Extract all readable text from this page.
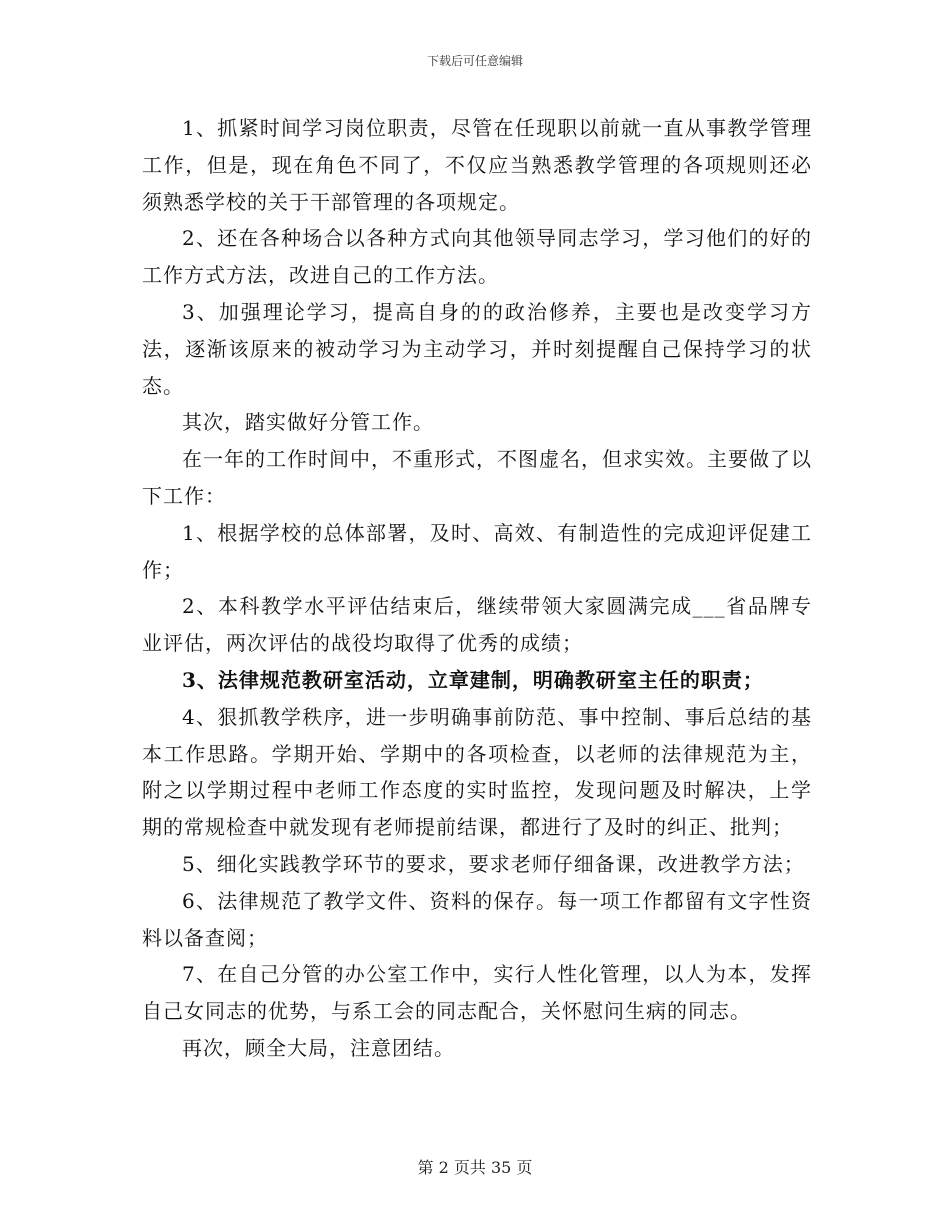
下载后可任意编辑

1、抓紧时间学习岗位职责，尽管在任现职以前就一直从事教学管理工作，但是，现在角色不同了，不仅应当熟悉教学管理的各项规则还必须熟悉学校的关于干部管理的各项规定。

2、还在各种场合以各种方式向其他领导同志学习，学习他们的好的工作方式方法，改进自己的工作方法。

3、加强理论学习，提高自身的的政治修养，主要也是改变学习方法，逐渐该原来的被动学习为主动学习，并时刻提醒自己保持学习的状态。

其次，踏实做好分管工作。

在一年的工作时间中，不重形式，不图虚名，但求实效。主要做了以下工作：

1、根据学校的总体部署，及时、高效、有制造性的完成迎评促建工作；

2、本科教学水平评估结束后，继续带领大家圆满完成___省品牌专业评估，两次评估的战役均取得了优秀的成绩；

3、法律规范教研室活动，立章建制，明确教研室主任的职责；

4、狠抓教学秩序，进一步明确事前防范、事中控制、事后总结的基本工作思路。学期开始、学期中的各项检查，以老师的法律规范为主，附之以学期过程中老师工作态度的实时监控，发现问题及时解决，上学期的常规检查中就发现有老师提前结课，都进行了及时的纠正、批判；

5、细化实践教学环节的要求，要求老师仔细备课，改进教学方法；

6、法律规范了教学文件、资料的保存。每一项工作都留有文字性资料以备查阅；

7、在自己分管的办公室工作中，实行人性化管理，以人为本，发挥自己女同志的优势，与系工会的同志配合，关怀慰问生病的同志。

再次，顾全大局，注意团结。

第 2 页共 35 页
